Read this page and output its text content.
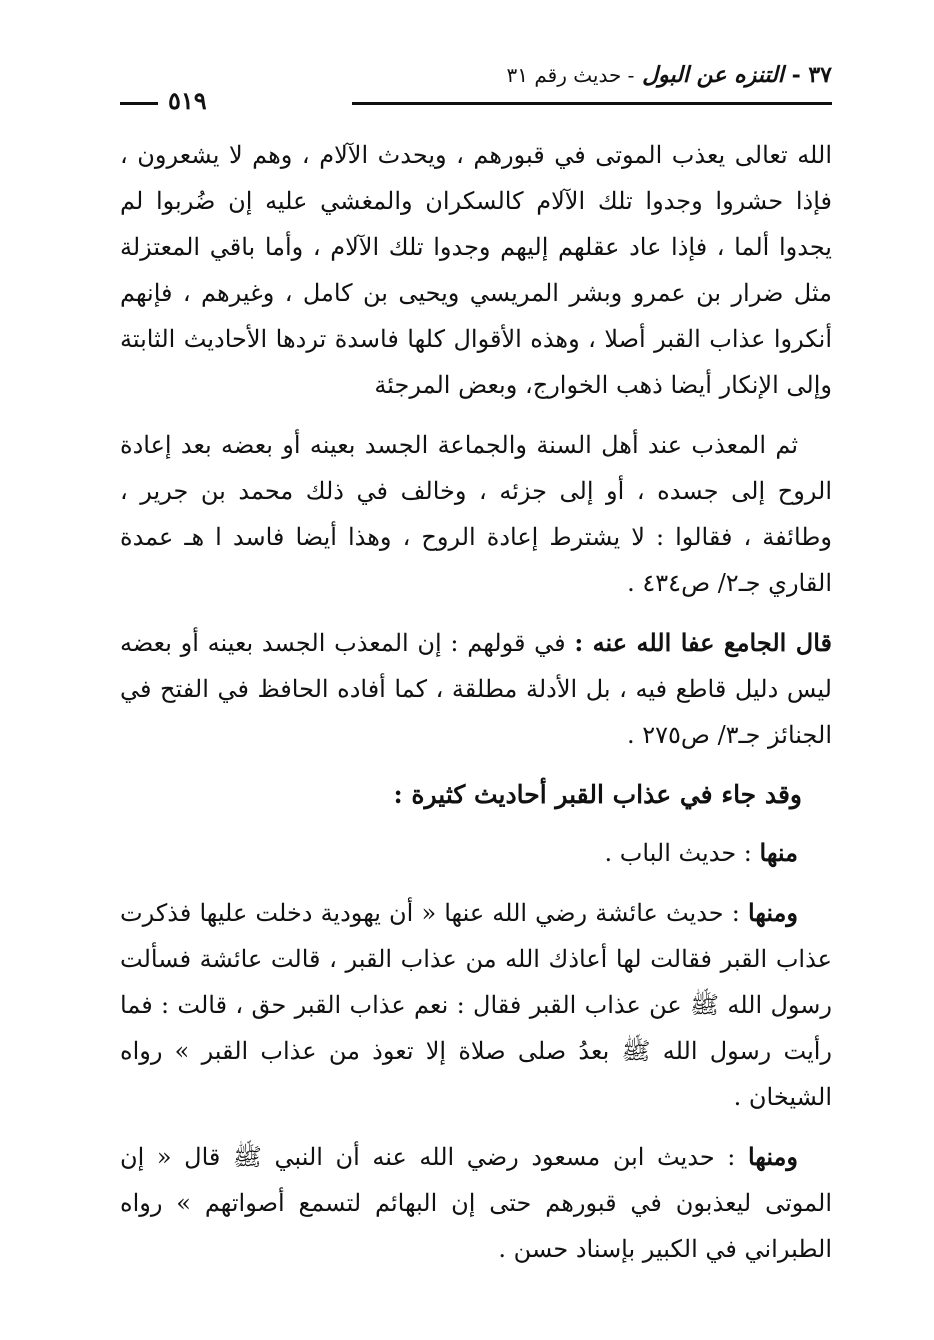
٣٧ - التنزه عن البول - حديث رقم ٣١
٥١٩

الله تعالى يعذب الموتى في قبورهم ، ويحدث الآلام ، وهم لا يشعرون ، فإذا حشروا وجدوا تلك الآلام كالسكران والمغشي عليه إن ضُربوا لم يجدوا ألما ، فإذا عاد عقلهم إليهم وجدوا تلك الآلام ، وأما باقي المعتزلة مثل ضرار بن عمرو وبشر المريسي ويحيى بن كامل ، وغيرهم ، فإنهم أنكروا عذاب القبر أصلا ، وهذه الأقوال كلها فاسدة تردها الأحاديث الثابتة وإلى الإنكار أيضا ذهب الخوارج، وبعض المرجئة

ثم المعذب عند أهل السنة والجماعة الجسد بعينه أو بعضه بعد إعادة الروح إلى جسده ، أو إلى جزئه ، وخالف في ذلك محمد بن جرير ، وطائفة ، فقالوا : لا يشترط إعادة الروح ، وهذا أيضا فاسد ا هـ عمدة القاري جـ٢/ ص٤٣٤ .

قال الجامع عفا الله عنه : في قولهم : إن المعذب الجسد بعينه أو بعضه ليس دليل قاطع فيه ، بل الأدلة مطلقة ، كما أفاده الحافظ في الفتح في الجنائز جـ٣/ ص٢٧٥ .

وقد جاء في عذاب القبر أحاديث كثيرة :

منها : حديث الباب .

ومنها : حديث عائشة رضي الله عنها « أن يهودية دخلت عليها فذكرت عذاب القبر فقالت لها أعاذك الله من عذاب القبر ، قالت عائشة فسألت رسول الله ﷺ عن عذاب القبر فقال : نعم عذاب القبر حق ، قالت : فما رأيت رسول الله ﷺ بعدُ صلى صلاة إلا تعوذ من عذاب القبر » رواه الشيخان .

ومنها : حديث ابن مسعود رضي الله عنه أن النبي ﷺ قال « إن الموتى ليعذبون في قبورهم حتى إن البهائم لتسمع أصواتهم » رواه الطبراني في الكبير بإسناد حسن .
